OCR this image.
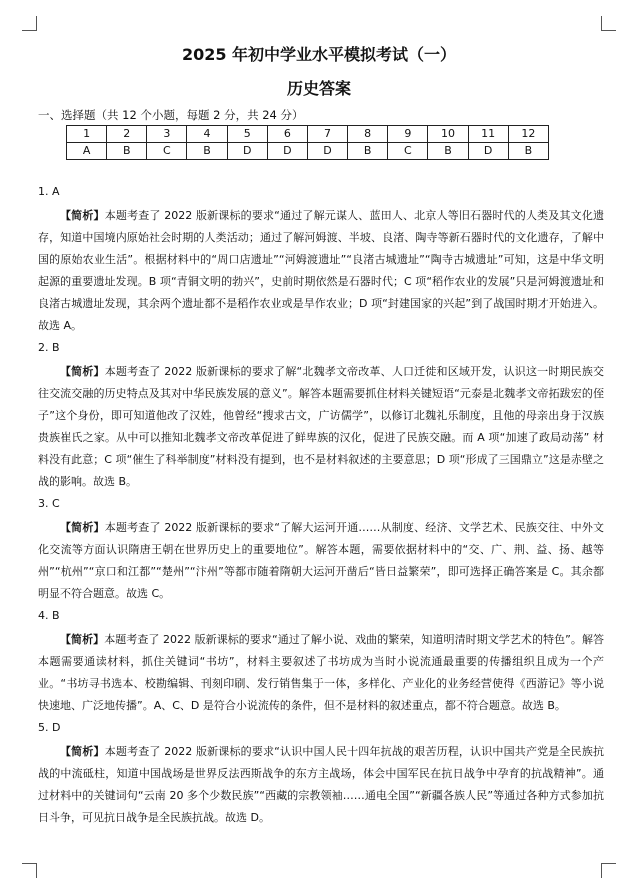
2025 年初中学业水平模拟考试（一）
历史答案
一、选择题（共 12 个小题，每题 2 分，共 24 分）
1	2	3	4	5	6	7	8	9	10	11	12
A	B	C	B	D	D	D	B	C	B	D	B
1. A

【简析】本题考查了 2022 版新课标的要求“通过了解元谋人、蓝田人、北京人等旧石器时代的人类及其文化遗存，知道中国境内原始社会时期的人类活动；通过了解河姆渡、半坡、良渚、陶寺等新石器时代的文化遗存，了解中国的原始农业生活”。根据材料中的“周口店遗址”“河姆渡遗址”“良渚古城遗址”“陶寺古城遗址”可知，这是中华文明起源的重要遗址发现。B 项“青铜文明的勃兴”，史前时期依然是石器时代；C 项“稻作农业的发展”只是河姆渡遗址和良渚古城遗址发现，其余两个遗址都不是稻作农业或是旱作农业；D 项“封建国家的兴起”到了战国时期才开始进入。故选 A。

2. B

【简析】本题考查了 2022 版新课标的要求了解“北魏孝文帝改革、人口迁徙和区域开发，认识这一时期民族交往交流交融的历史特点及其对中华民族发展的意义”。解答本题需要抓住材料关键短语“元泰是北魏孝文帝拓跋宏的侄子”这个身份，即可知道他改了汉姓，他曾经“搜求古文，广访儒学”，以修订北魏礼乐制度，且他的母亲出身于汉族贵族崔氏之家。从中可以推知北魏孝文帝改革促进了鲜卑族的汉化，促进了民族交融。而 A 项“加速了政局动荡” 材料没有此意；C 项“催生了科举制度”材料没有提到，也不是材料叙述的主要意思；D 项“形成了三国鼎立”这是赤壁之战的影响。故选 B。

3. C

【简析】本题考查了 2022 版新课标的要求“了解大运河开通……从制度、经济、文学艺术、民族交往、中外文化交流等方面认识隋唐王朝在世界历史上的重要地位”。解答本题，需要依据材料中的“交、广、荆、益、扬、越等州”“杭州”“京口和江都”“楚州”“汴州”等都市随着隋朝大运河开凿后“皆日益繁荣”，即可选择正确答案是 C。其余都明显不符合题意。故选 C。

4. B

【简析】本题考查了 2022 版新课标的要求“通过了解小说、戏曲的繁荣，知道明清时期文学艺术的特色”。解答本题需要通读材料，抓住关键词“书坊”，材料主要叙述了书坊成为当时小说流通最重要的传播组织且成为一个产业。“书坊寻书选本、校勘编辑、刊刻印刷、发行销售集于一体，多样化、产业化的业务经营使得《西游记》等小说快速地、广泛地传播”。A、C、D 是符合小说流传的条件，但不是材料的叙述重点，都不符合题意。故选 B。

5. D

【简析】本题考查了 2022 版新课标的要求“认识中国人民十四年抗战的艰苦历程，认识中国共产党是全民族抗战的中流砥柱，知道中国战场是世界反法西斯战争的东方主战场，体会中国军民在抗日战争中孕育的抗战精神”。通过材料中的关键词句“云南 20 多个少数民族”“西藏的宗教领袖……通电全国”“新疆各族人民”等通过各种方式参加抗日斗争，可见抗日战争是全民族抗战。故选 D。
